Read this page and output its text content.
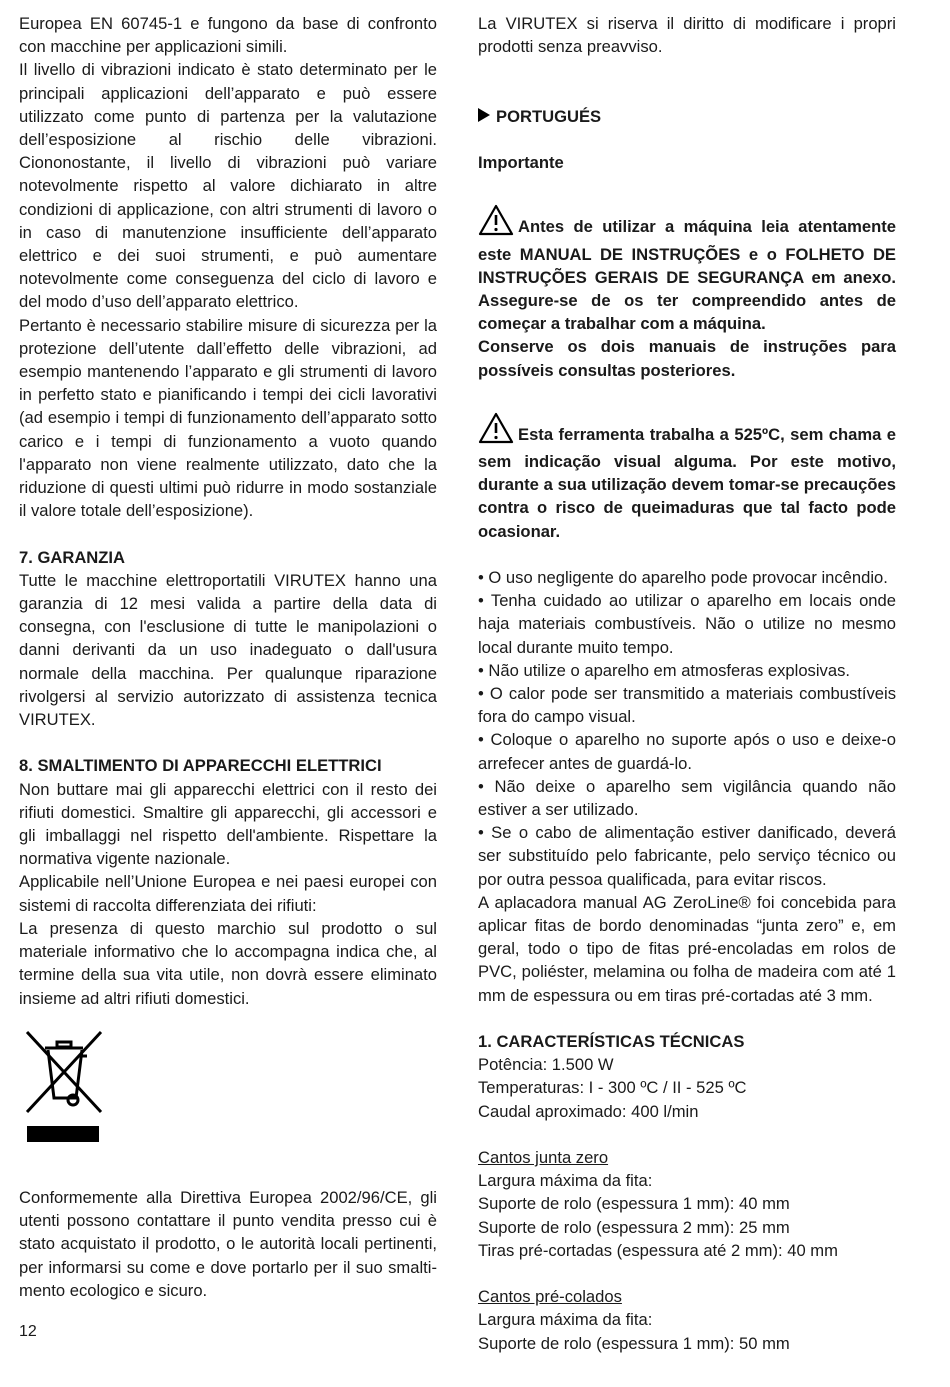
Europea EN 60745-1 e fungono da base di confronto con macchine per applicazioni simili.

Il livello di vibrazioni indicato è stato determinato per le principali applicazioni dell’apparato e può essere utilizzato come punto di partenza per la valutazione dell’esposizione al rischio delle vibrazioni. Ciononostante, il livello di vibrazioni può variare notevolmente rispetto al valore dichiarato in altre condizioni di applicazione, con altri strumenti di lavoro o in caso di manutenzione insufficiente dell’apparato elettrico e dei suoi strumenti, e può aumentare notevolmente come conseguenza del ciclo di lavoro e del modo d’uso dell’apparato elettrico.

Pertanto è necessario stabilire misure di sicurezza per la protezione dell’utente dall’effetto delle vibrazioni, ad esempio mantenendo l’apparato e gli strumenti di lavoro in perfetto stato e pianificando i tempi dei cicli lavorativi (ad esempio i tempi di funzionamento dell’apparato sotto carico e i tempi di funzionamento a vuoto quando l'apparato non viene realmente utilizzato, dato che la riduzione di questi ultimi può ridurre in modo sostanziale il valore totale dell’esposizione).

7. GARANZIA

Tutte le macchine elettroportatili VIRUTEX hanno una garanzia di 12 mesi valida a partire della data di consegna, con l'esclusione di tutte le manipolazioni o danni derivanti da un uso inadeguato o dall'usura normale della macchina. Per qualunque riparazione rivolgersi al servizio autorizzato di assistenza tecnica VIRUTEX.

8. SMALTIMENTO DI APPARECCHI ELETTRICI

Non buttare mai gli apparecchi elettrici con il resto dei rifiuti domestici. Smaltire gli apparecchi, gli accessori e gli imballaggi nel rispetto dell'ambiente. Rispettare la normativa vigente nazionale.

Applicabile nell’Unione Europea e nei paesi europei con sistemi di raccolta differenziata dei rifiuti:

La presenza di questo marchio sul prodotto o sul materiale informativo che lo accompagna indica che, al termine della sua vita utile, non dovrà essere eliminato insieme ad altri rifiuti domestici.

Conformemente alla Direttiva Europea 2002/96/CE, gli utenti possono contattare il punto vendita presso cui è stato acquistato il prodotto, o le autorità locali pertinenti, per informarsi su come e dove portarlo per il suo smalti-mento ecologico e sicuro.

La VIRUTEX si riserva il diritto di modificare i propri prodotti senza preavviso.

PORTUGUÉS

Importante

Antes de utilizar a máquina leia atentamente este MANUAL DE INSTRUÇÕES e o FOLHETO DE INSTRUÇÕES GERAIS DE SEGURANÇA em anexo. Assegure-se de os ter compreendido antes de começar a trabalhar com a máquina.

Conserve os dois manuais de instruções para possíveis consultas posteriores.

Esta ferramenta trabalha a 525ºC, sem chama e sem indicação visual alguma. Por este motivo, durante a sua utilização devem tomar-se precauções contra o risco de queimaduras que tal facto pode ocasionar.

• O uso negligente do aparelho pode provocar incêndio.
• Tenha cuidado ao utilizar o aparelho em locais onde haja materiais combustíveis. Não o utilize no mesmo local durante muito tempo.
• Não utilize o aparelho em atmosferas explosivas.
• O calor pode ser transmitido a materiais combustíveis fora do campo visual.
• Coloque o aparelho no suporte após o uso e deixe-o arrefecer antes de guardá-lo.
• Não deixe o aparelho sem vigilância quando não estiver a ser utilizado.
• Se o cabo de alimentação estiver danificado, deverá ser substituído pelo fabricante, pelo serviço técnico ou por outra pessoa qualificada, para evitar riscos.

A aplacadora manual AG ZeroLine® foi concebida para aplicar fitas de bordo denominadas “junta zero” e, em geral, todo o tipo de fitas pré-encoladas em rolos de PVC, poliéster, melamina ou folha de madeira com até 1 mm de espessura ou em tiras pré-cortadas até 3 mm.

1. CARACTERÍSTICAS TÉCNICAS

Potência: 1.500 W

Temperaturas: I - 300 ºC / II - 525 ºC

Caudal aproximado: 400 l/min

Cantos junta zero

Largura máxima da fita:

Suporte de rolo (espessura 1 mm): 40 mm

Suporte de rolo (espessura 2 mm): 25 mm

Tiras pré-cortadas (espessura até 2 mm): 40 mm

Cantos pré-colados

Largura máxima da fita:

Suporte de rolo (espessura 1 mm): 50 mm

12
